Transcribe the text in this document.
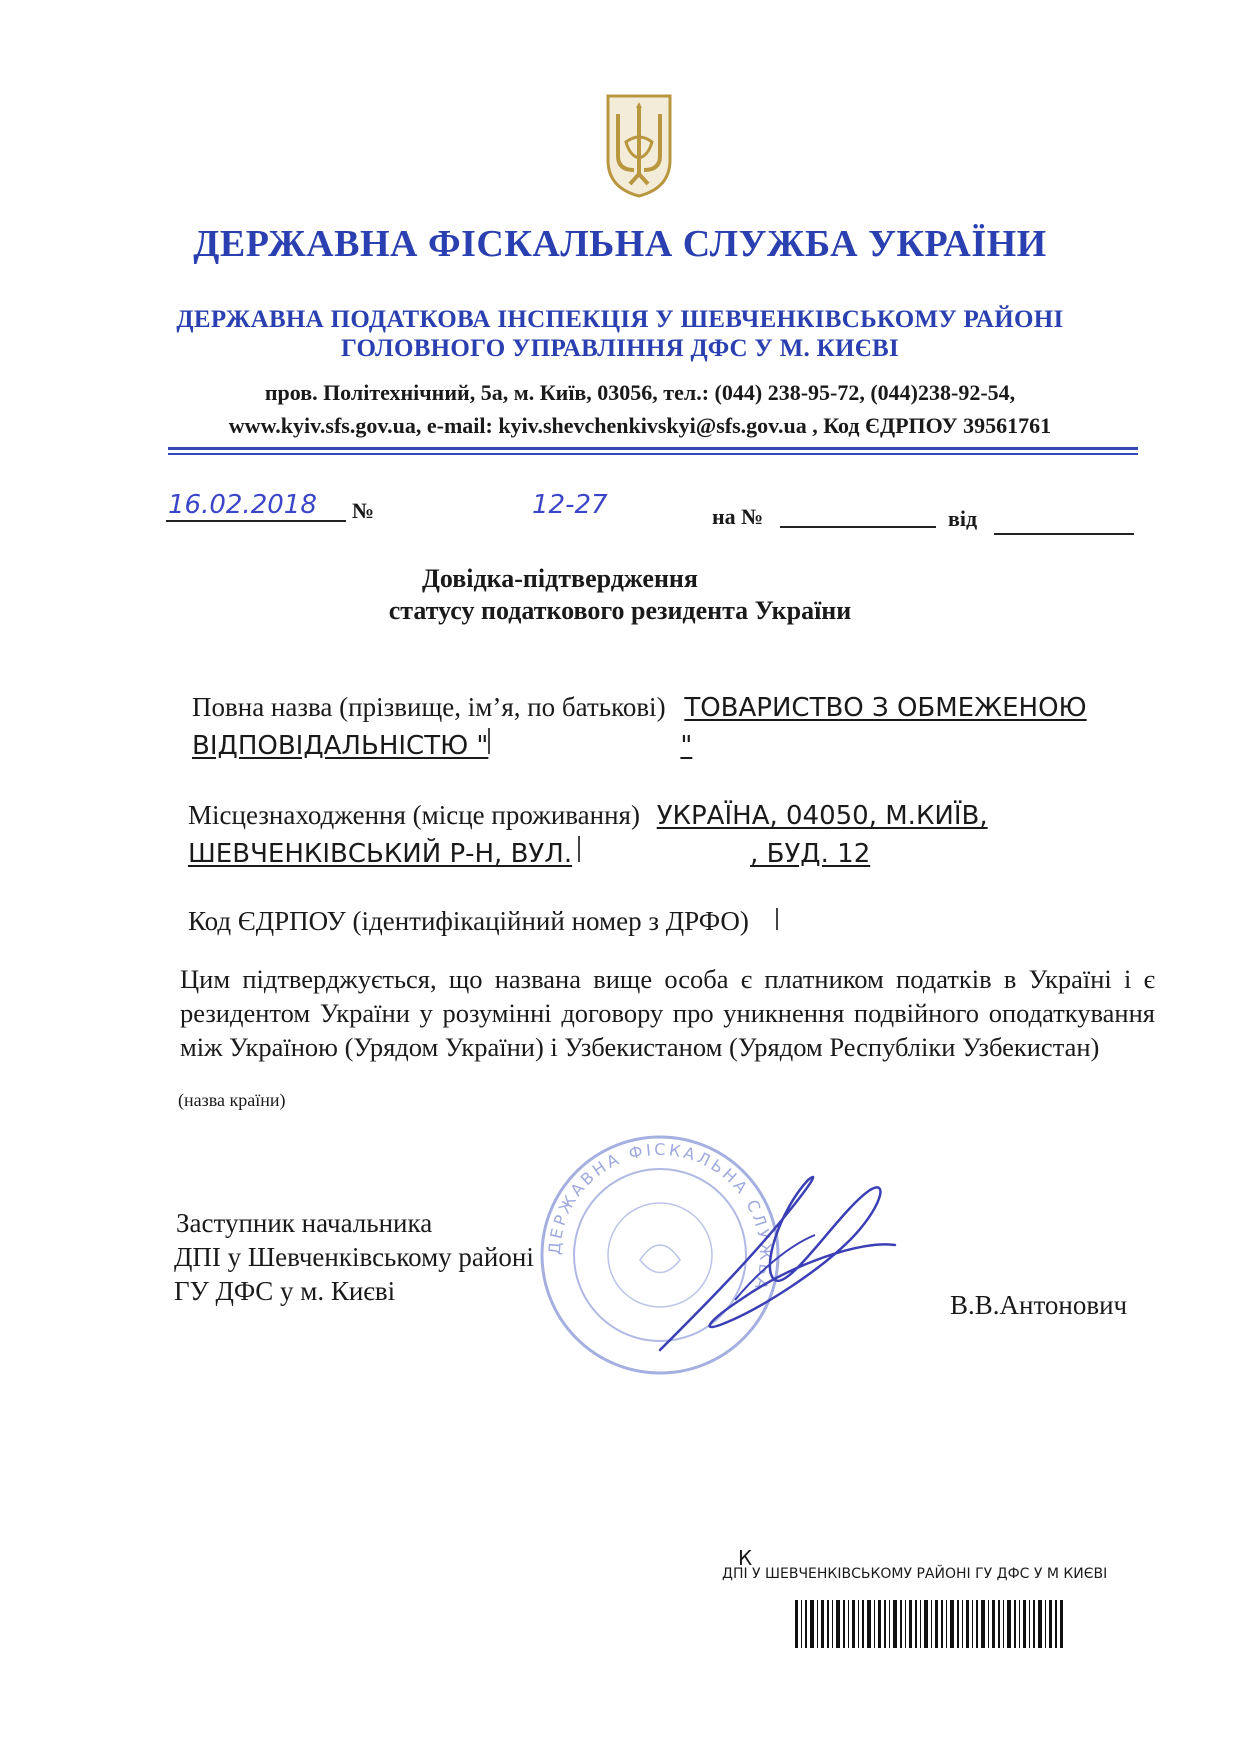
ДЕРЖАВНА ФІСКАЛЬНА СЛУЖБА УКРАЇНИ
ДЕРЖАВНА ПОДАТКОВА ІНСПЕКЦІЯ У ШЕВЧЕНКІВСЬКОМУ РАЙОНІ
ГОЛОВНОГО УПРАВЛІННЯ ДФС У М. КИЄВІ
пров. Політехнічний, 5а, м. Київ, 03056, тел.: (044) 238-95-72, (044)238-92-54,
www.kyiv.sfs.gov.ua, e-mail: kyiv.shevchenkivskyi@sfs.gov.ua , Код ЄДРПОУ 39561761
16.02.2018 №	12-27	на №	від
Довідка-підтвердження
статусу податкового резидента України
Повна назва (прізвище, ім’я, по батькові) ТОВАРИСТВО З ОБМЕЖЕНОЮ
ВІДПОВІДАЛЬНІСТЮ "	"
Місцезнаходження (місце проживання) УКРАЇНА, 04050, М.КИЇВ,
ШЕВЧЕНКІВСЬКИЙ Р-Н, ВУЛ.	, БУД. 12
Код ЄДРПОУ (ідентифікаційний номер з ДРФО)
Цим підтверджується, що названа вище особа є платником податків в Україні і є резидентом України у розумінні договору про уникнення подвійного оподаткування між Україною (Урядом України) і Узбекистаном (Урядом Республіки Узбекистан)
(назва країни)
ДЕРЖАВНА ФІСКАЛЬНА СЛУЖБА
Заступник начальника
ДПІ у Шевченківському районі
ГУ ДФС у м. Києві	В.В.Антонович
К
ДПІ У ШЕВЧЕНКІВСЬКОМУ РАЙОНІ ГУ ДФС У М КИЄВІ
